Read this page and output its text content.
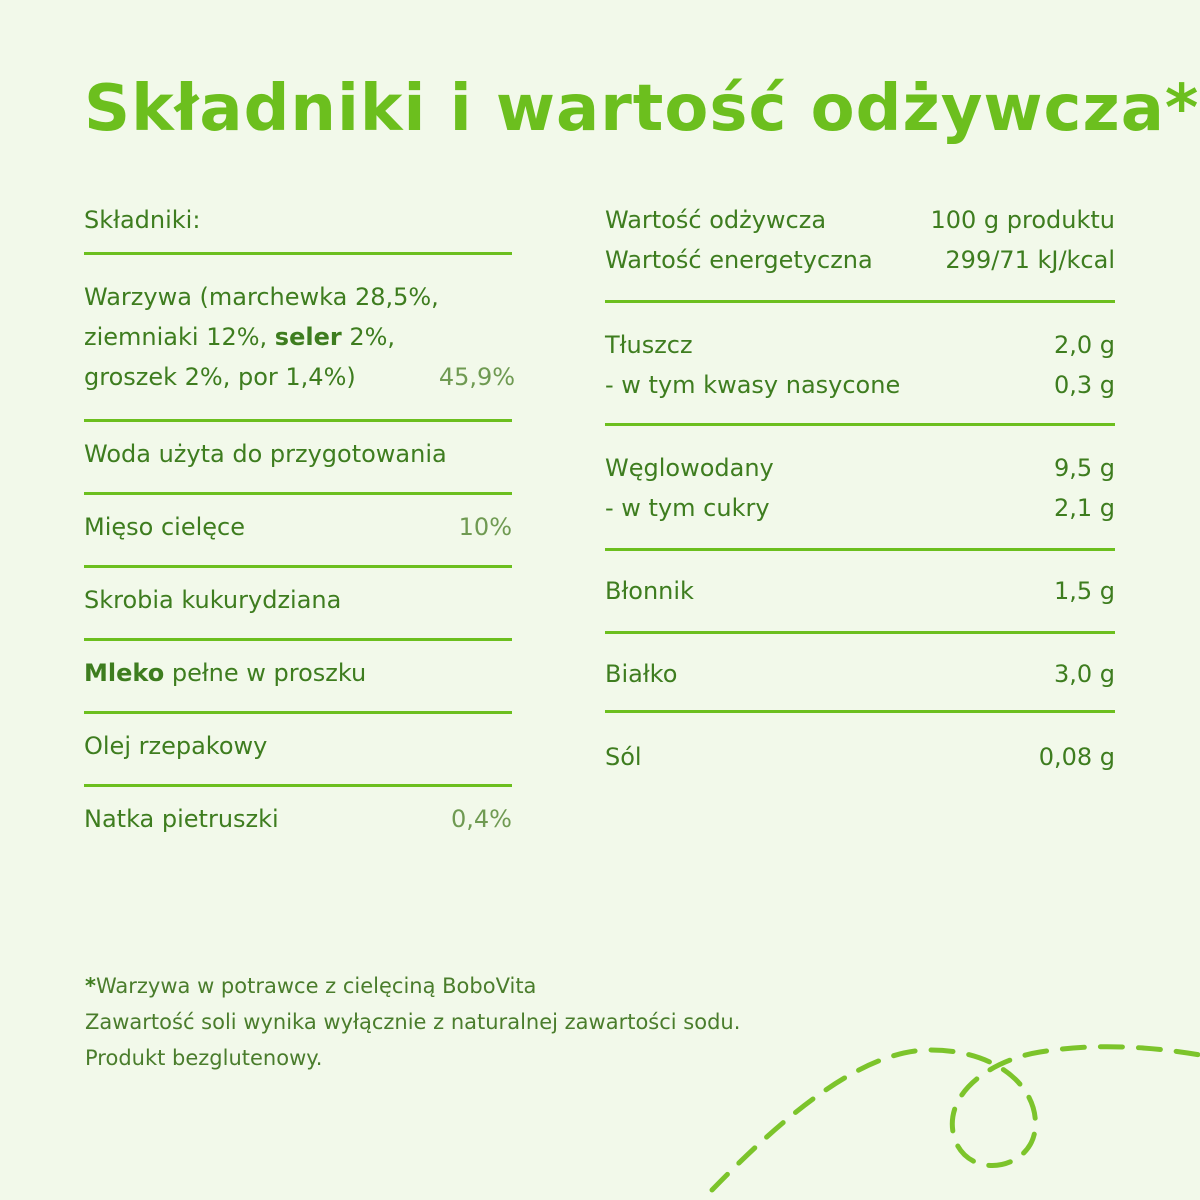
Składniki i wartość odżywcza*
Składniki:
Warzywa (marchewka 28,5%,
ziemniaki 12%, seler 2%,
groszek 2%, por 1,4%)	45,9%
Woda użyta do przygotowania
Mięso cielęce	10%
Skrobia kukurydziana
Mleko pełne w proszku
Olej rzepakowy
Natka pietruszki	0,4%
Wartość odżywcza	100 g produktu
Wartość energetyczna	299/71 kJ/kcal
Tłuszcz	2,0 g
- w tym kwasy nasycone	0,3 g
Węglowodany	9,5 g
- w tym cukry	2,1 g
Błonnik	1,5 g
Białko	3,0 g
Sól	0,08 g
*Warzywa w potrawce z cielęciną BoboVita
Zawartość soli wynika wyłącznie z naturalnej zawartości sodu.
Produkt bezglutenowy.
